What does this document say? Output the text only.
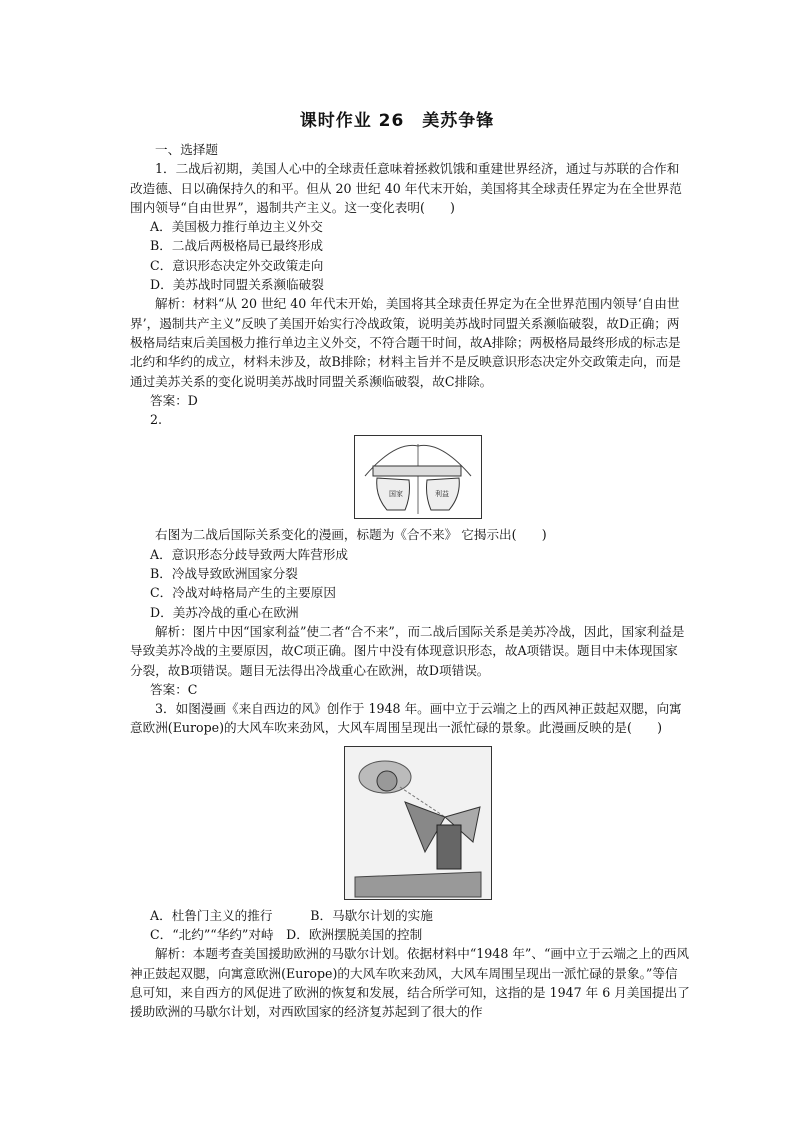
课时作业 26　美苏争锋

一、选择题

1．二战后初期，美国人心中的全球责任意味着拯救饥饿和重建世界经济，通过与苏联的合作和改造德、日以确保持久的和平。但从 20 世纪 40 年代末开始，美国将其全球责任界定为在全世界范围内领导“自由世界”，遏制共产主义。这一变化表明(　　)

A．美国极力推行单边主义外交

B．二战后两极格局已最终形成

C．意识形态决定外交政策走向

D．美苏战时同盟关系濒临破裂

解析：材料“从 20 世纪 40 年代末开始，美国将其全球责任界定为在全世界范围内领导‘自由世界’，遏制共产主义”反映了美国开始实行冷战政策，说明美苏战时同盟关系濒临破裂，故D正确；两极格局结束后美国极力推行单边主义外交，不符合题干时间，故A排除；两极格局最终形成的标志是北约和华约的成立，材料未涉及，故B排除；材料主旨并不是反映意识形态决定外交政策走向，而是通过美苏关系的变化说明美苏战时同盟关系濒临破裂，故C排除。

答案：D

2.

国家	利益

右图为二战后国际关系变化的漫画，标题为《合不来》 它揭示出(　　)

A．意识形态分歧导致两大阵营形成

B．冷战导致欧洲国家分裂

C．冷战对峙格局产生的主要原因

D．美苏冷战的重心在欧洲

解析：图片中因“国家利益”使二者“合不来”，而二战后国际关系是美苏冷战，因此，国家利益是导致美苏冷战的主要原因，故C项正确。图片中没有体现意识形态，故A项错误。题目中未体现国家分裂，故B项错误。题目无法得出冷战重心在欧洲，故D项错误。

答案：C

3．如图漫画《来自西边的风》创作于 1948 年。画中立于云端之上的西风神正鼓起双腮，向寓意欧洲(Europe)的大风车吹来劲风，大风车周围呈现出一派忙碌的景象。此漫画反映的是(　　)

A．杜鲁门主义的推行　　　B．马歇尔计划的实施

C．“北约”“华约”对峙　D．欧洲摆脱美国的控制

解析：本题考查美国援助欧洲的马歇尔计划。依据材料中“1948 年”、“画中立于云端之上的西风神正鼓起双腮，向寓意欧洲(Europe)的大风车吹来劲风，大风车周围呈现出一派忙碌的景象。”等信息可知，来自西方的风促进了欧洲的恢复和发展，结合所学可知，这指的是 1947 年 6 月美国提出了援助欧洲的马歇尔计划，对西欧国家的经济复苏起到了很大的作
